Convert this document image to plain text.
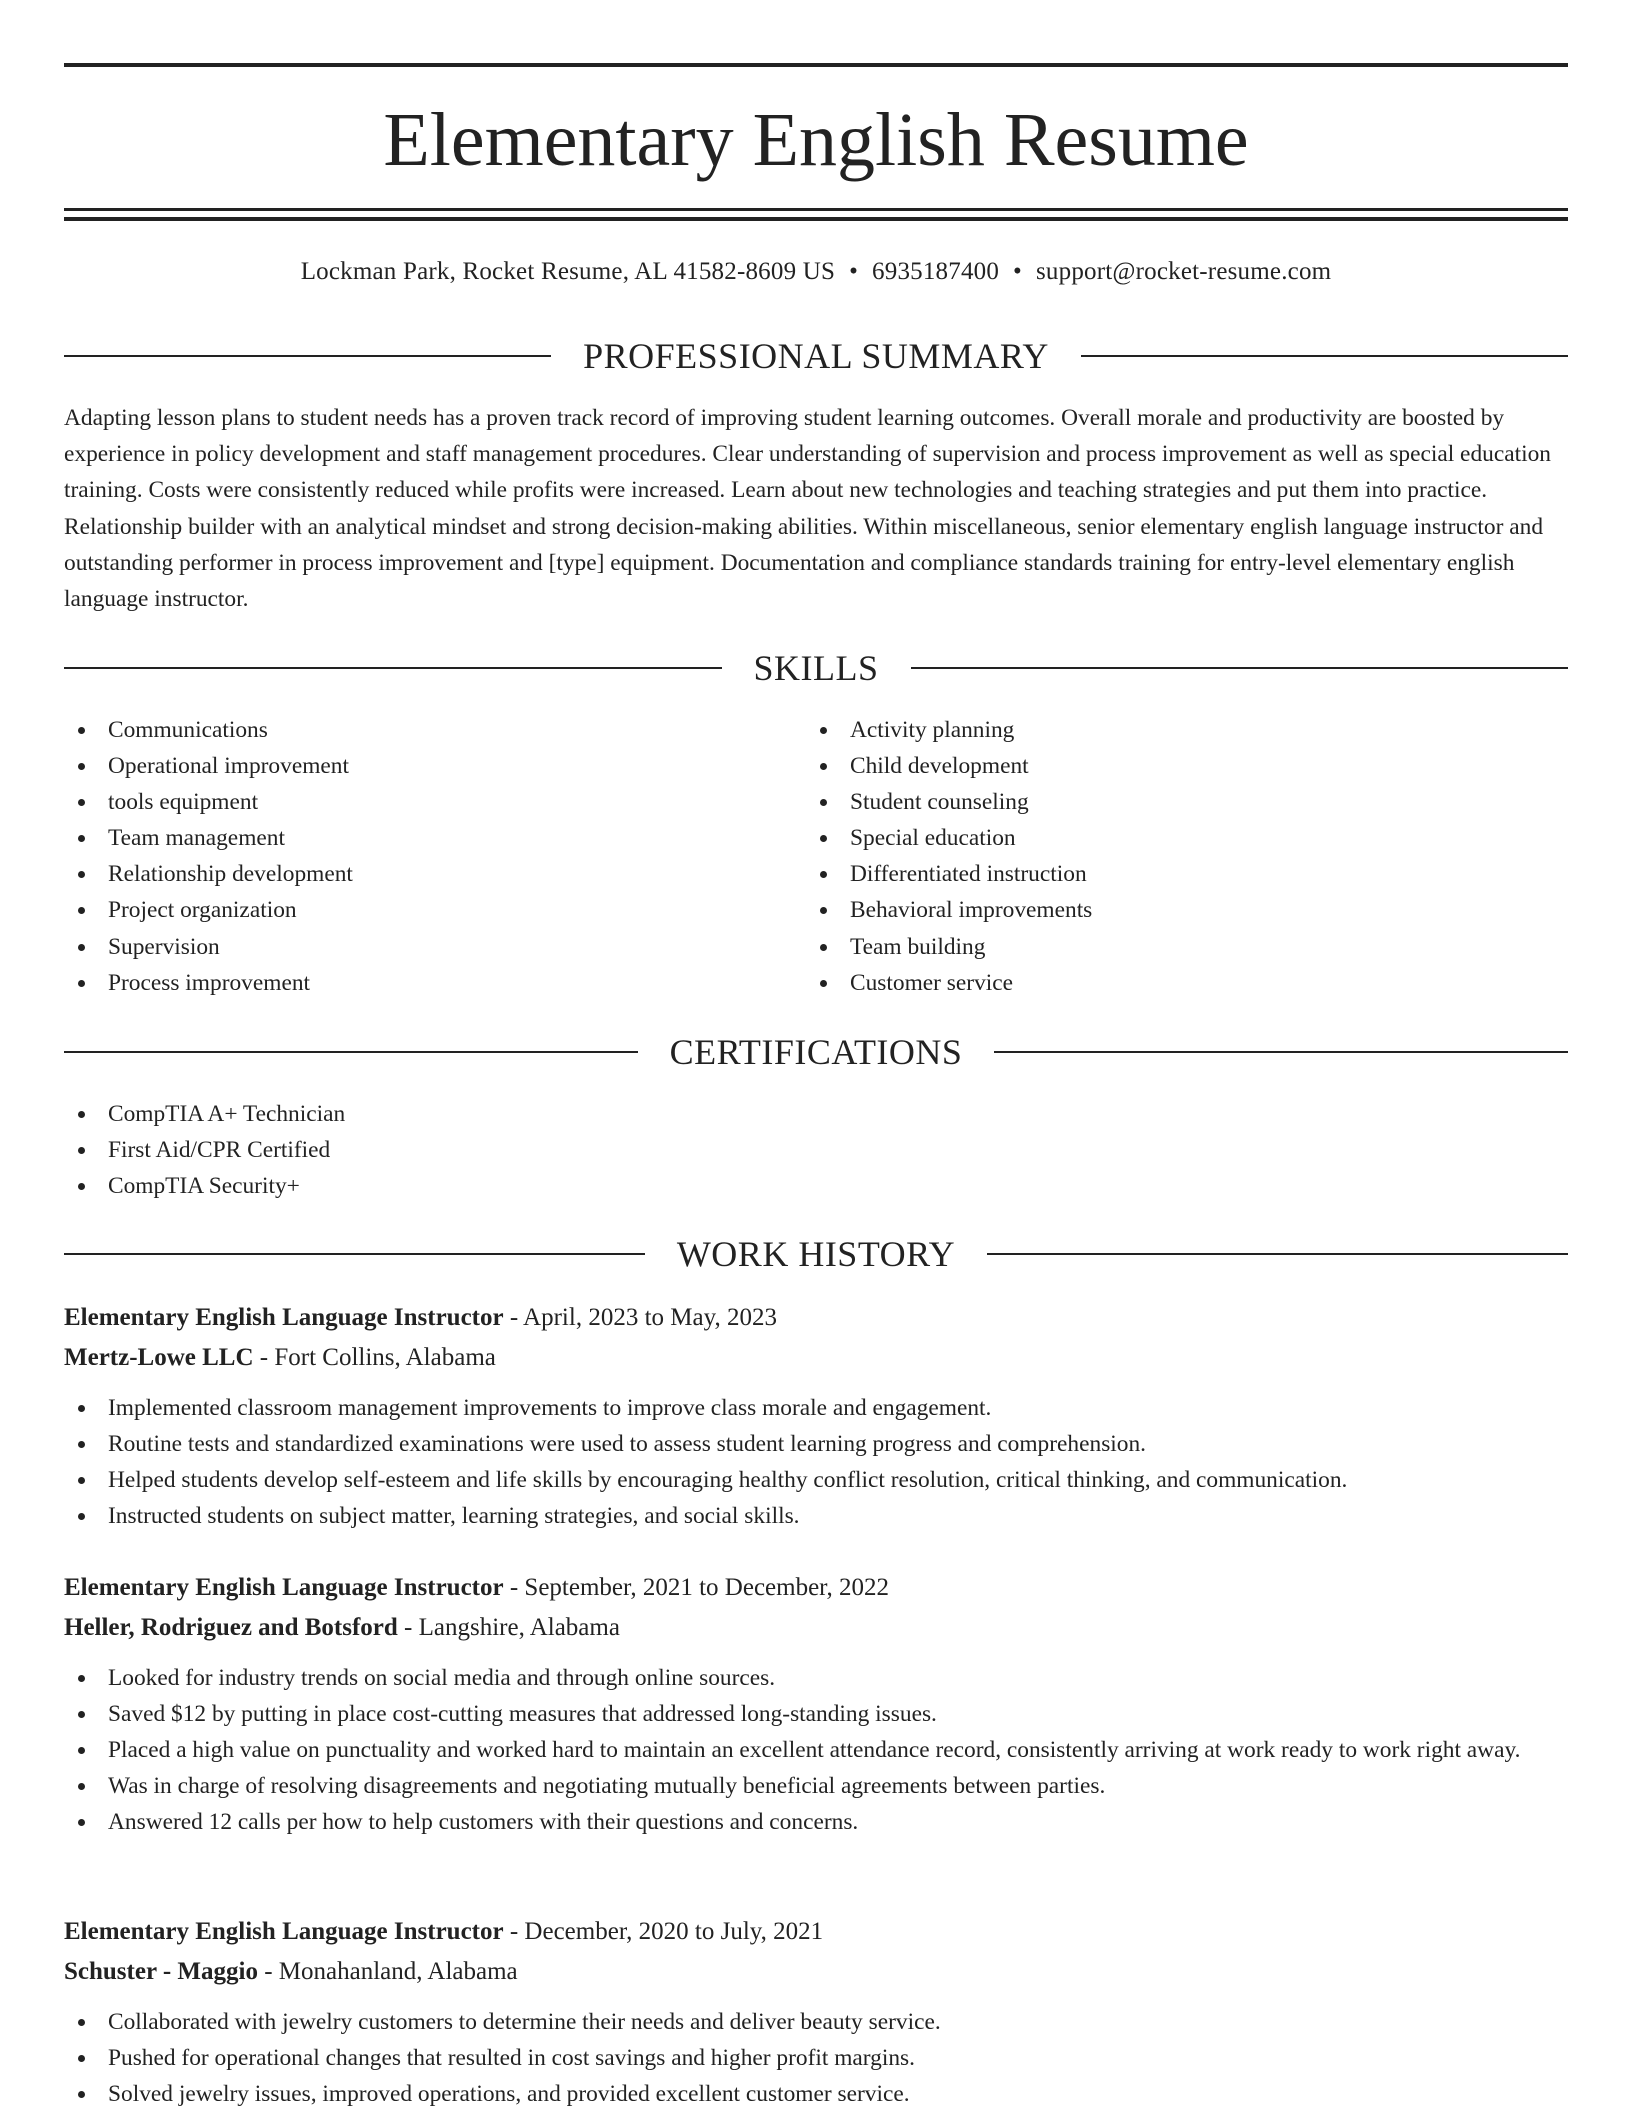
Elementary English Resume
Lockman Park, Rocket Resume, AL 41582-8609 US • 6935187400 • support@rocket-resume.com
PROFESSIONAL SUMMARY

Adapting lesson plans to student needs has a proven track record of improving student learning outcomes. Overall morale and productivity are boosted by experience in policy development and staff management procedures. Clear understanding of supervision and process improvement as well as special education training. Costs were consistently reduced while profits were increased. Learn about new technologies and teaching strategies and put them into practice. Relationship builder with an analytical mindset and strong decision-making abilities. Within miscellaneous, senior elementary english language instructor and outstanding performer in process improvement and [type] equipment. Documentation and compliance standards training for entry-level elementary english language instructor.

SKILLS
Communications
Operational improvement
tools equipment
Team management
Relationship development
Project organization
Supervision
Process improvement
Activity planning
Child development
Student counseling
Special education
Differentiated instruction
Behavioral improvements
Team building
Customer service
CERTIFICATIONS
CompTIA A+ Technician
First Aid/CPR Certified
CompTIA Security+
WORK HISTORY
Elementary English Language Instructor - April, 2023 to May, 2023
Mertz-Lowe LLC - Fort Collins, Alabama
Implemented classroom management improvements to improve class morale and engagement.
Routine tests and standardized examinations were used to assess student learning progress and comprehension.
Helped students develop self-esteem and life skills by encouraging healthy conflict resolution, critical thinking, and communication.
Instructed students on subject matter, learning strategies, and social skills.
Elementary English Language Instructor - September, 2021 to December, 2022
Heller, Rodriguez and Botsford - Langshire, Alabama
Looked for industry trends on social media and through online sources.
Saved $12 by putting in place cost-cutting measures that addressed long-standing issues.
Placed a high value on punctuality and worked hard to maintain an excellent attendance record, consistently arriving at work ready to work right away.
Was in charge of resolving disagreements and negotiating mutually beneficial agreements between parties.
Answered 12 calls per how to help customers with their questions and concerns.
Elementary English Language Instructor - December, 2020 to July, 2021
Schuster - Maggio - Monahanland, Alabama
Collaborated with jewelry customers to determine their needs and deliver beauty service.
Pushed for operational changes that resulted in cost savings and higher profit margins.
Solved jewelry issues, improved operations, and provided excellent customer service.
